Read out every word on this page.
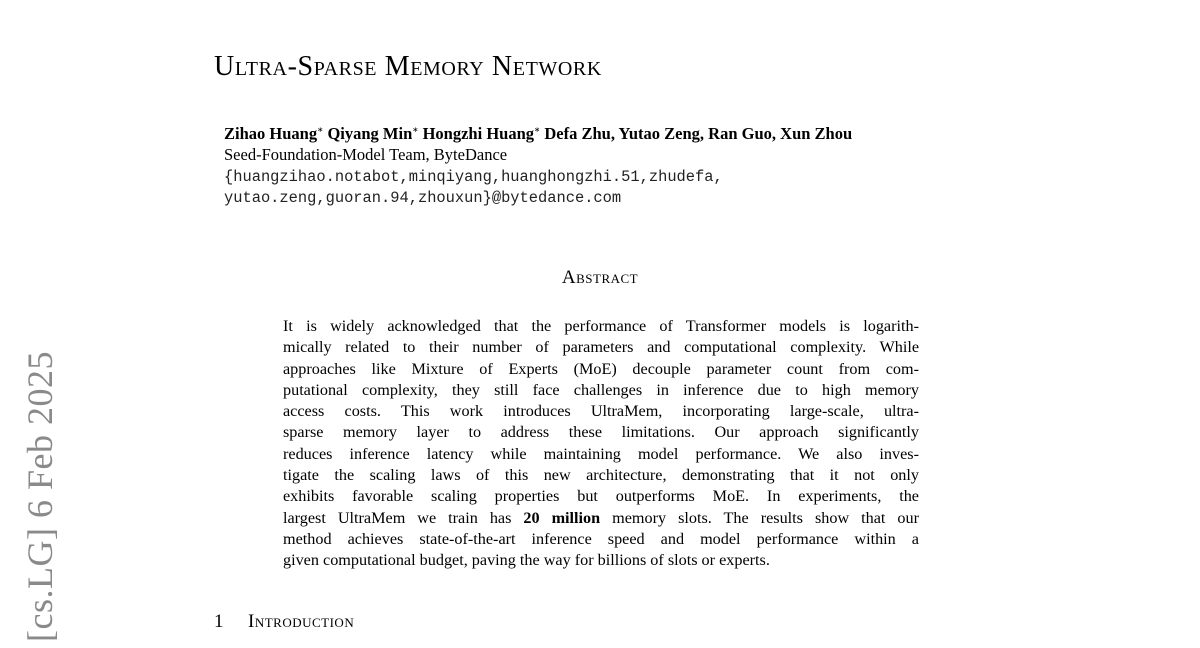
[cs.LG] 6 Feb 2025
Ultra-Sparse Memory Network
Zihao Huang∗ Qiyang Min∗ Hongzhi Huang∗ Defa Zhu, Yutao Zeng, Ran Guo, Xun Zhou
Seed-Foundation-Model Team, ByteDance
{huangzihao.notabot,minqiyang,huanghongzhi.51,zhudefa,
yutao.zeng,guoran.94,zhouxun}@bytedance.com
Abstract
It is widely acknowledged that the performance of Transformer models is logarith-
mically related to their number of parameters and computational complexity. While
approaches like Mixture of Experts (MoE) decouple parameter count from com-
putational complexity, they still face challenges in inference due to high memory
access costs. This work introduces UltraMem, incorporating large-scale, ultra-
sparse memory layer to address these limitations. Our approach significantly
reduces inference latency while maintaining model performance. We also inves-
tigate the scaling laws of this new architecture, demonstrating that it not only
exhibits favorable scaling properties but outperforms MoE. In experiments, the
largest UltraMem we train has 20 million memory slots. The results show that our
method achieves state-of-the-art inference speed and model performance within a
given computational budget, paving the way for billions of slots or experts.
1 Introduction
